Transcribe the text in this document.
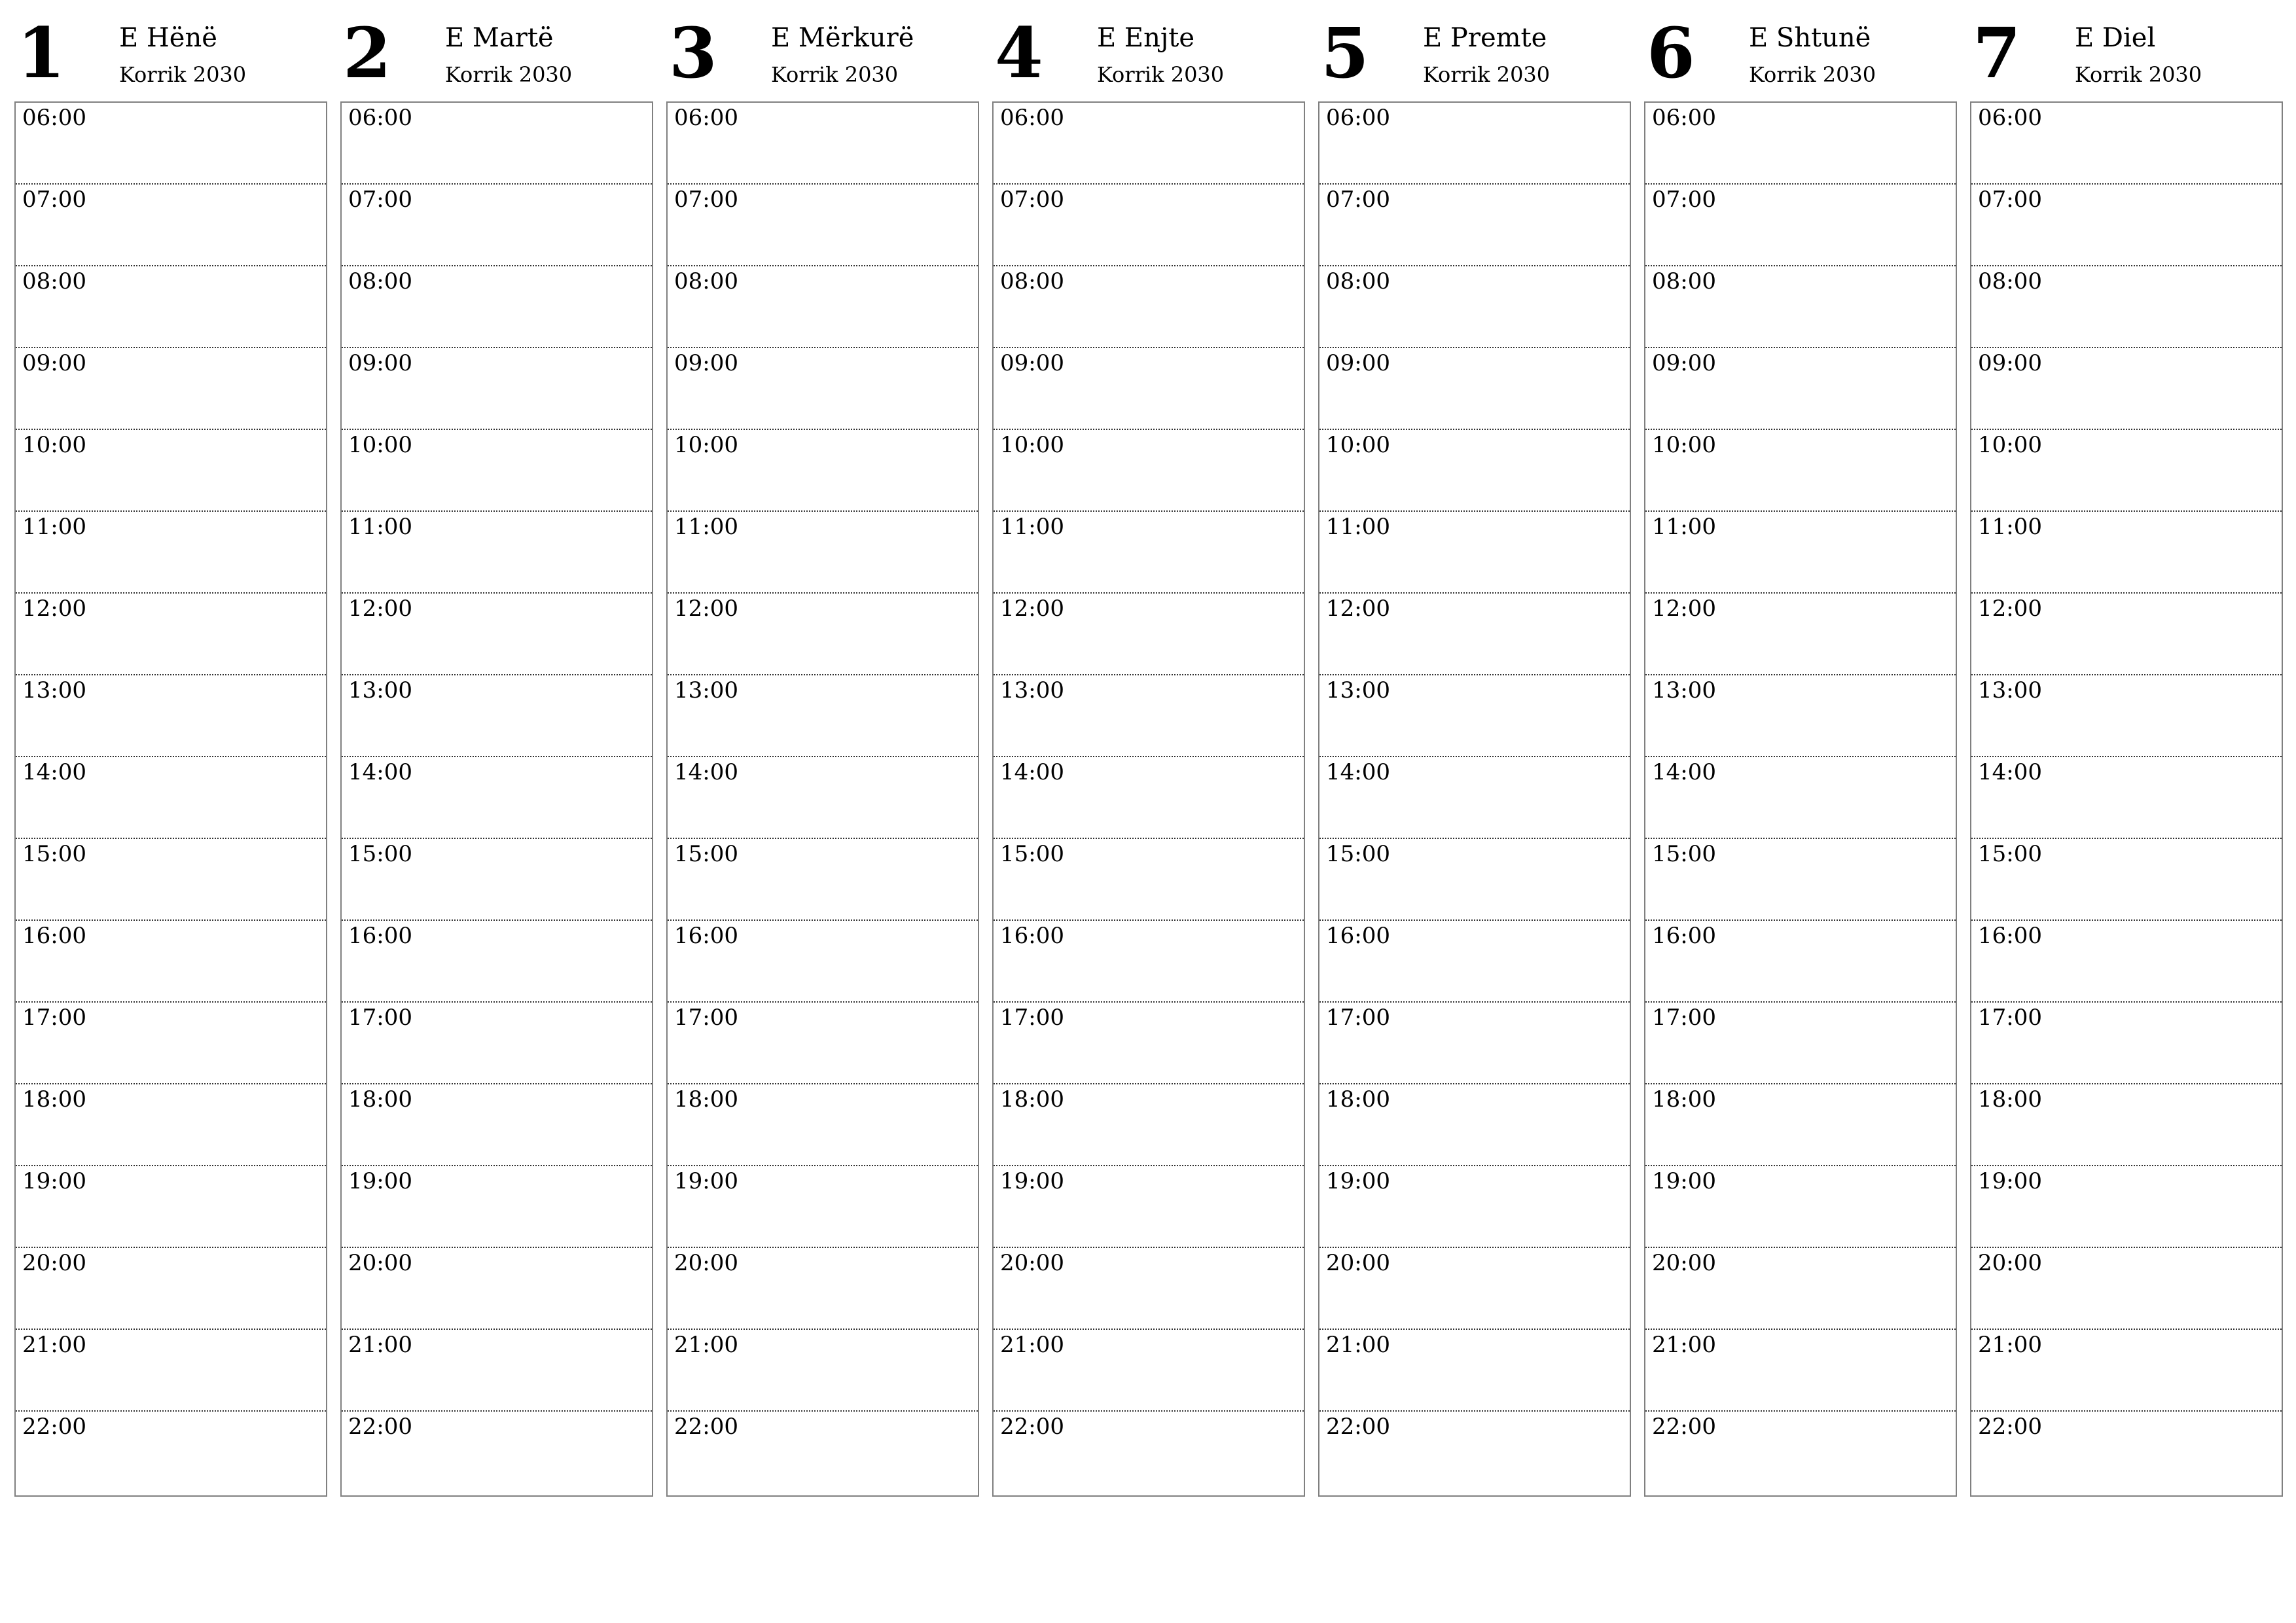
1 E Hënë
Korrik 2030
06:00
07:00
08:00
09:00
10:00
11:00
12:00
13:00
14:00
15:00
16:00
17:00
18:00
19:00
20:00
21:00
22:00
2 E Martë
Korrik 2030
06:00
07:00
08:00
09:00
10:00
11:00
12:00
13:00
14:00
15:00
16:00
17:00
18:00
19:00
20:00
21:00
22:00
3 E Mërkurë
Korrik 2030
06:00
07:00
08:00
09:00
10:00
11:00
12:00
13:00
14:00
15:00
16:00
17:00
18:00
19:00
20:00
21:00
22:00
4 E Enjte
Korrik 2030
06:00
07:00
08:00
09:00
10:00
11:00
12:00
13:00
14:00
15:00
16:00
17:00
18:00
19:00
20:00
21:00
22:00
5 E Premte
Korrik 2030
06:00
07:00
08:00
09:00
10:00
11:00
12:00
13:00
14:00
15:00
16:00
17:00
18:00
19:00
20:00
21:00
22:00
6 E Shtunë
Korrik 2030
06:00
07:00
08:00
09:00
10:00
11:00
12:00
13:00
14:00
15:00
16:00
17:00
18:00
19:00
20:00
21:00
22:00
7 E Diel
Korrik 2030
06:00
07:00
08:00
09:00
10:00
11:00
12:00
13:00
14:00
15:00
16:00
17:00
18:00
19:00
20:00
21:00
22:00
